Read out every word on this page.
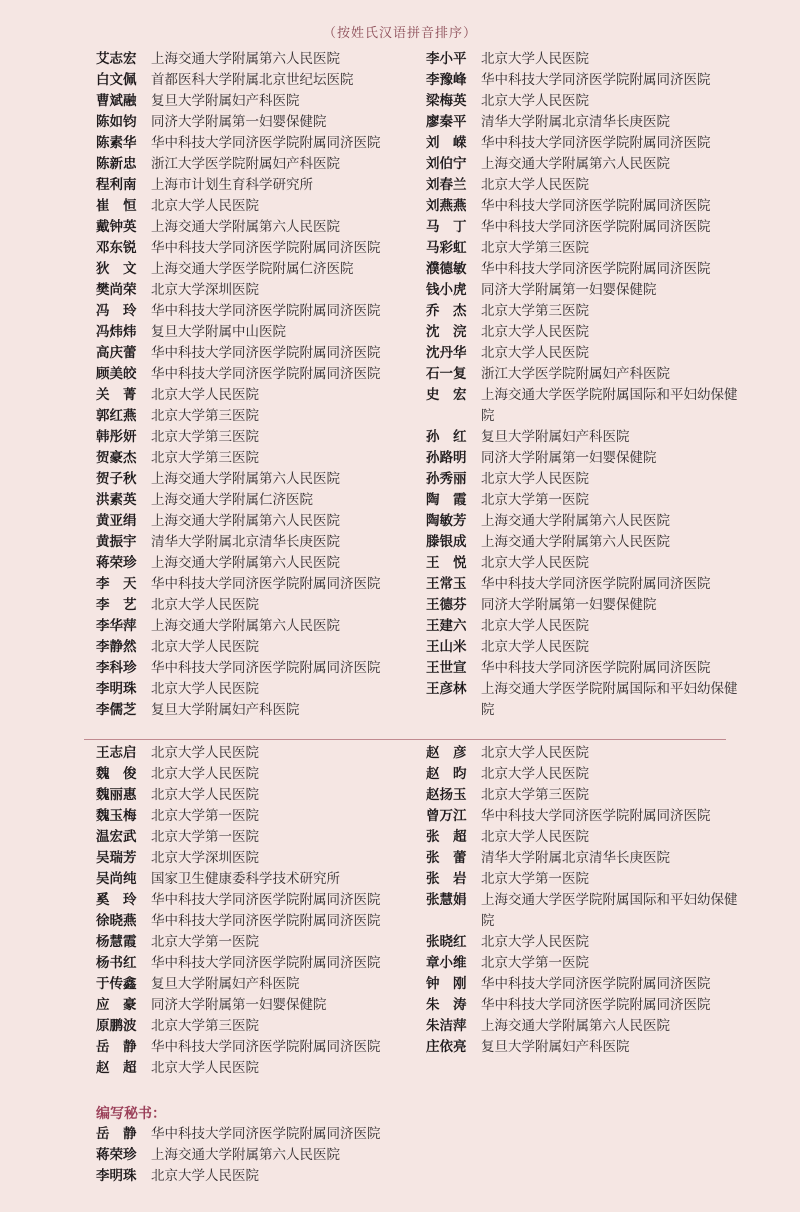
（按姓氏汉语拼音排序）
艾志宏	上海交通大学附属第六人民医院
白文佩	首都医科大学附属北京世纪坛医院
曹斌融	复旦大学附属妇产科医院
陈如钧	同济大学附属第一妇婴保健院
陈素华	华中科技大学同济医学院附属同济医院
陈新忠	浙江大学医学院附属妇产科医院
程利南	上海市计划生育科学研究所
崔　恒	北京大学人民医院
戴钟英	上海交通大学附属第六人民医院
邓东锐	华中科技大学同济医学院附属同济医院
狄　文	上海交通大学医学院附属仁济医院
樊尚荣	北京大学深圳医院
冯　玲	华中科技大学同济医学院附属同济医院
冯炜炜	复旦大学附属中山医院
高庆蕾	华中科技大学同济医学院附属同济医院
顾美皎	华中科技大学同济医学院附属同济医院
关　菁	北京大学人民医院
郭红燕	北京大学第三医院
韩彤妍	北京大学第三医院
贺豪杰	北京大学第三医院
贺子秋	上海交通大学附属第六人民医院
洪素英	上海交通大学附属仁济医院
黄亚绢	上海交通大学附属第六人民医院
黄振宇	清华大学附属北京清华长庚医院
蒋荣珍	上海交通大学附属第六人民医院
李　天	华中科技大学同济医学院附属同济医院
李　艺	北京大学人民医院
李华萍	上海交通大学附属第六人民医院
李静然	北京大学人民医院
李科珍	华中科技大学同济医学院附属同济医院
李明珠	北京大学人民医院
李儒芝	复旦大学附属妇产科医院
李小平	北京大学人民医院
李豫峰	华中科技大学同济医学院附属同济医院
梁梅英	北京大学人民医院
廖秦平	清华大学附属北京清华长庚医院
刘　嵘	华中科技大学同济医学院附属同济医院
刘伯宁	上海交通大学附属第六人民医院
刘春兰	北京大学人民医院
刘燕燕	华中科技大学同济医学院附属同济医院
马　丁	华中科技大学同济医学院附属同济医院
马彩虹	北京大学第三医院
濮德敏	华中科技大学同济医学院附属同济医院
钱小虎	同济大学附属第一妇婴保健院
乔　杰	北京大学第三医院
沈　浣	北京大学人民医院
沈丹华	北京大学人民医院
石一复	浙江大学医学院附属妇产科医院
史　宏	上海交通大学医学院附属国际和平妇幼保健院
孙　红	复旦大学附属妇产科医院
孙路明	同济大学附属第一妇婴保健院
孙秀丽	北京大学人民医院
陶　霞	北京大学第一医院
陶敏芳	上海交通大学附属第六人民医院
滕银成	上海交通大学附属第六人民医院
王　悦	北京大学人民医院
王常玉	华中科技大学同济医学院附属同济医院
王德芬	同济大学附属第一妇婴保健院
王建六	北京大学人民医院
王山米	北京大学人民医院
王世宣	华中科技大学同济医学院附属同济医院
王彦林	上海交通大学医学院附属国际和平妇幼保健院
王志启	北京大学人民医院
魏　俊	北京大学人民医院
魏丽惠	北京大学人民医院
魏玉梅	北京大学第一医院
温宏武	北京大学第一医院
吴瑞芳	北京大学深圳医院
吴尚纯	国家卫生健康委科学技术研究所
奚　玲	华中科技大学同济医学院附属同济医院
徐晓燕	华中科技大学同济医学院附属同济医院
杨慧霞	北京大学第一医院
杨书红	华中科技大学同济医学院附属同济医院
于传鑫	复旦大学附属妇产科医院
应　豪	同济大学附属第一妇婴保健院
原鹏波	北京大学第三医院
岳　静	华中科技大学同济医学院附属同济医院
赵　超	北京大学人民医院
赵　彦	北京大学人民医院
赵　昀	北京大学人民医院
赵扬玉	北京大学第三医院
曾万江	华中科技大学同济医学院附属同济医院
张　超	北京大学人民医院
张　蕾	清华大学附属北京清华长庚医院
张　岩	北京大学第一医院
张慧娟	上海交通大学医学院附属国际和平妇幼保健院
张晓红	北京大学人民医院
章小维	北京大学第一医院
钟　刚	华中科技大学同济医学院附属同济医院
朱　涛	华中科技大学同济医学院附属同济医院
朱洁萍	上海交通大学附属第六人民医院
庄依亮	复旦大学附属妇产科医院
编写秘书：
岳　静	华中科技大学同济医学院附属同济医院
蒋荣珍	上海交通大学附属第六人民医院
李明珠	北京大学人民医院
